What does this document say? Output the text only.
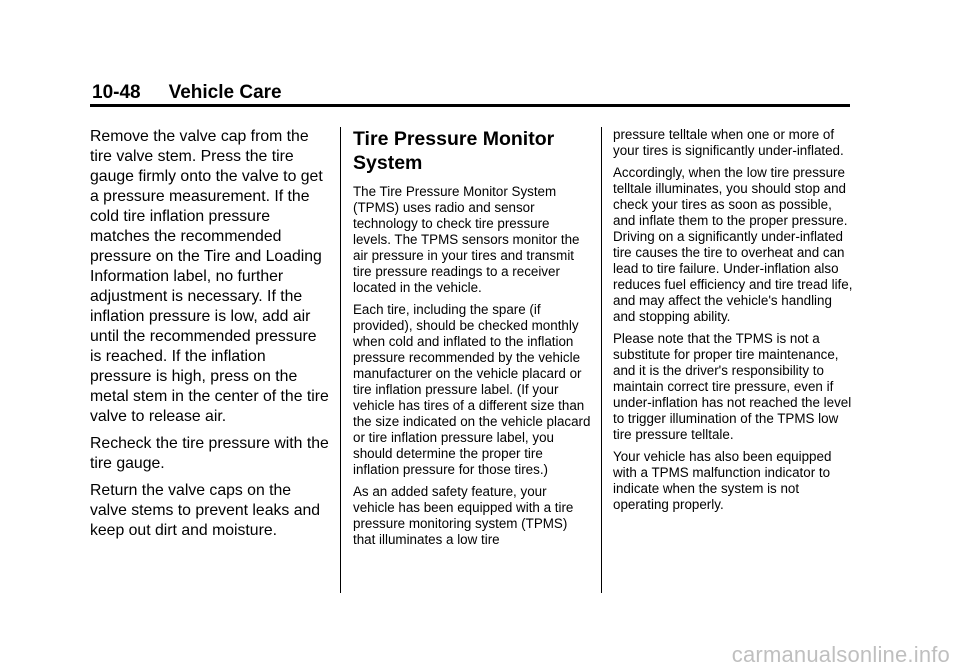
10-48 Vehicle Care

Remove the valve cap from the tire valve stem. Press the tire gauge firmly onto the valve to get a pressure measurement. If the cold tire inflation pressure matches the recommended pressure on the Tire and Loading Information label, no further adjustment is necessary. If the inflation pressure is low, add air until the recommended pressure is reached. If the inflation pressure is high, press on the metal stem in the center of the tire valve to release air.

Recheck the tire pressure with the tire gauge.

Return the valve caps on the valve stems to prevent leaks and keep out dirt and moisture.

Tire Pressure Monitor System

The Tire Pressure Monitor System (TPMS) uses radio and sensor technology to check tire pressure levels. The TPMS sensors monitor the air pressure in your tires and transmit tire pressure readings to a receiver located in the vehicle.

Each tire, including the spare (if provided), should be checked monthly when cold and inflated to the inflation pressure recommended by the vehicle manufacturer on the vehicle placard or tire inflation pressure label. (If your vehicle has tires of a different size than the size indicated on the vehicle placard or tire inflation pressure label, you should determine the proper tire inflation pressure for those tires.)

As an added safety feature, your vehicle has been equipped with a tire pressure monitoring system (TPMS) that illuminates a low tire

pressure telltale when one or more of your tires is significantly under-inflated.

Accordingly, when the low tire pressure telltale illuminates, you should stop and check your tires as soon as possible, and inflate them to the proper pressure. Driving on a significantly under-inflated tire causes the tire to overheat and can lead to tire failure. Under-inflation also reduces fuel efficiency and tire tread life, and may affect the vehicle's handling and stopping ability.

Please note that the TPMS is not a substitute for proper tire maintenance, and it is the driver's responsibility to maintain correct tire pressure, even if under-inflation has not reached the level to trigger illumination of the TPMS low tire pressure telltale.

Your vehicle has also been equipped with a TPMS malfunction indicator to indicate when the system is not operating properly.

carmanualsonline.info
